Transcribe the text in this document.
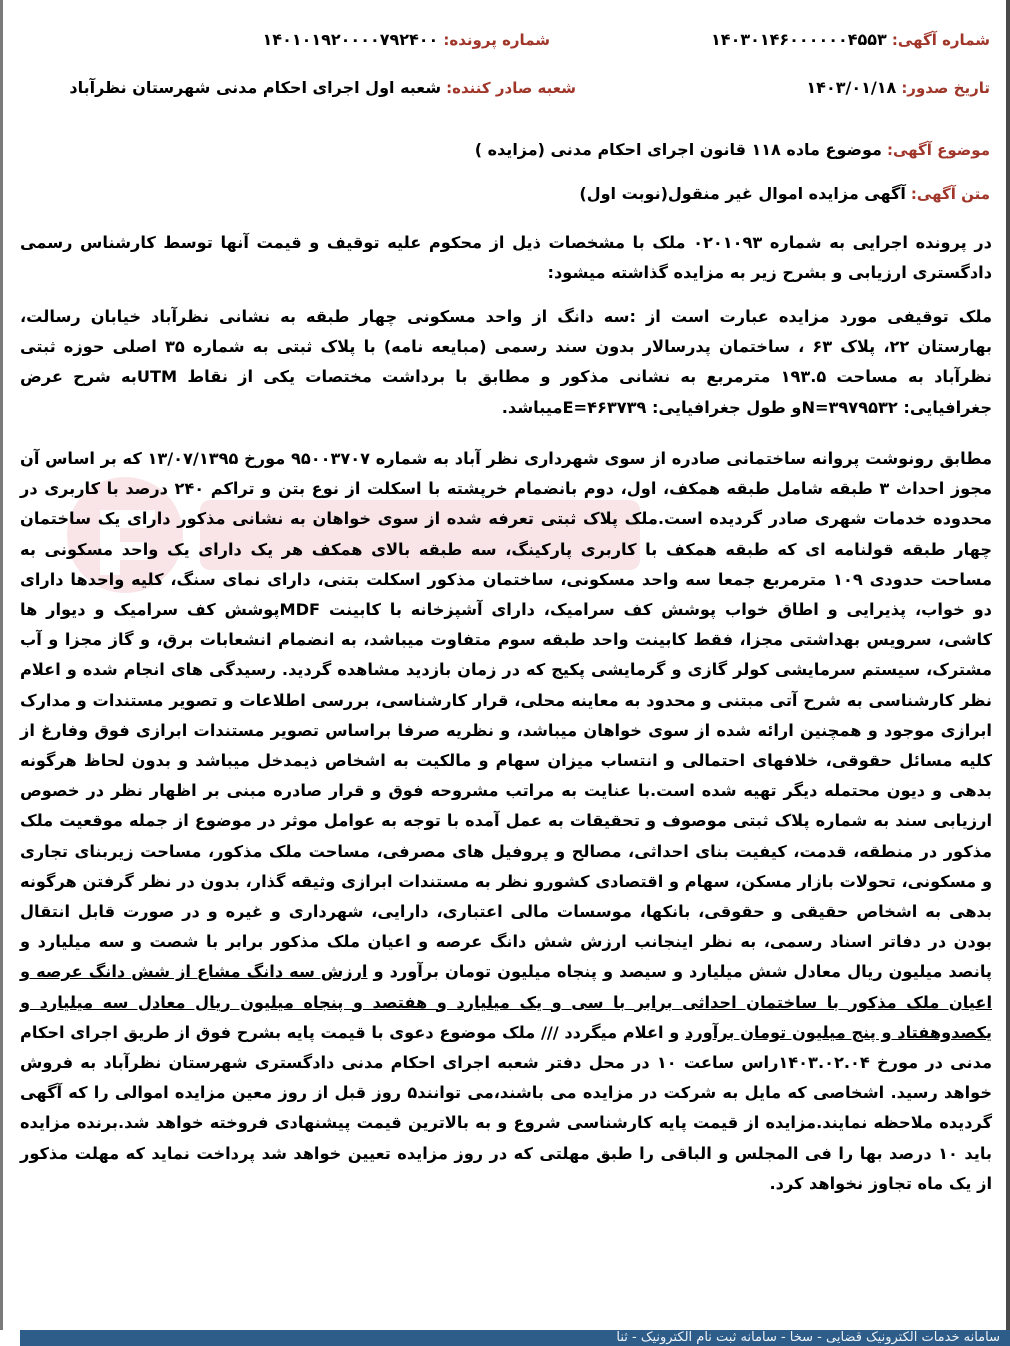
شماره آگهی: ۱۴۰۳۰۱۴۶۰۰۰۰۰۰۴۵۵۳
شماره پرونده: ۱۴۰۱۰۱۹۲۰۰۰۰۷۹۲۴۰۰
تاریخ صدور: ۱۴۰۳/۰۱/۱۸
شعبه صادر کننده: شعبه اول اجرای احکام مدنی شهرستان نظرآباد
موضوع آگهی: موضوع ماده ۱۱۸ قانون اجرای احکام مدنی (مزایده )
متن آگهی: آگهی مزایده اموال غیر منقول(نوبت اول)
در پرونده اجرایی به شماره ۰۲۰۱۰۹۳ ملک با مشخصات ذیل از محکوم علیه توقیف و قیمت آنها توسط کارشناس رسمی دادگستری ارزیابی و بشرح زیر به مزایده گذاشته میشود:
ملک توقیفی مورد مزایده عبارت است از :سه دانگ از واحد مسکونی چهار طبقه به نشانی نظرآباد خیابان رسالت، بهارستان ۲۲، پلاک ۶۳ ، ساختمان پدرسالار بدون سند رسمی (مبایعه نامه) با پلاک ثبتی به شماره ۳۵ اصلی حوزه ثبتی نظرآباد به مساحت ۱۹۳.۵ مترمربع به نشانی مذکور و مطابق با برداشت مختصات یکی از نقاط UTMبه شرح عرض جغرافیایی: N=۳۹۷۹۵۳۲و طول جغرافیایی: E=۴۶۳۷۳۹میباشد.
مطابق رونوشت پروانه ساختمانی صادره از سوی شهرداری نظر آباد به شماره ۹۵۰۰۳۷۰۷ مورخ ۱۳/۰۷/۱۳۹۵ که بر اساس آن مجوز احداث ۳ طبقه شامل طبقه همکف، اول، دوم بانضمام خرپشته با اسکلت از نوع بتن و تراکم ۲۴۰ درصد با کاربری در محدوده خدمات شهری صادر گردیده است.ملک پلاک ثبتی تعرفه شده از سوی خواهان به نشانی مذکور دارای یک ساختمان چهار طبقه قولنامه ای که طبقه همکف با کاربری پارکینگ، سه طبقه بالای همکف هر یک دارای یک واحد مسکونی به مساحت حدودی ۱۰۹ مترمربع جمعا سه واحد مسکونی، ساختمان مذکور اسکلت بتنی، دارای نمای سنگ، کلیه واحدها دارای دو خواب، پذیرایی و اطاق خواب پوشش کف سرامیک، دارای آشپزخانه با کابینت MDFپوشش کف سرامیک و دیوار ها کاشی، سرویس بهداشتی مجزا، فقط کابینت واحد طبقه سوم متفاوت میباشد، به انضمام انشعابات برق، و گاز مجزا و آب مشترک، سیستم سرمایشی کولر گازی و گرمایشی پکیج که در زمان بازدید مشاهده گردید. رسیدگی های انجام شده و اعلام نظر کارشناسی به شرح آتی مبتنی و محدود به معاینه محلی، قرار کارشناسی، بررسی اطلاعات و تصویر مستندات و مدارک ابرازی موجود و همچنین ارائه شده از سوی خواهان میباشد، و نظریه صرفا براساس تصویر مستندات ابرازی فوق وفارغ از کلیه مسائل حقوقی، خلافهای احتمالی و انتساب میزان سهام و مالکیت به اشخاص ذیمدخل میباشد و بدون لحاظ هرگونه بدهی و دیون محتمله دیگر تهیه شده است.با عنایت به مراتب مشروحه فوق و قرار صادره مبنی بر اظهار نظر در خصوص ارزیابی سند به شماره پلاک ثبتی موصوف و تحقیقات به عمل آمده با توجه به عوامل موثر در موضوع از جمله موقعیت ملک مذکور در منطقه، قدمت، کیفیت بنای احداثی، مصالح و پروفیل های مصرفی، مساحت ملک مذکور، مساحت زیربنای تجاری و مسکونی، تحولات بازار مسکن، سهام و اقتصادی کشورو نظر به مستندات ابرازی وثیقه گذار، بدون در نظر گرفتن هرگونه بدهی به اشخاص حقیقی و حقوقی، بانکها، موسسات مالی اعتباری، دارایی، شهرداری و غیره و در صورت قابل انتقال بودن در دفاتر اسناد رسمی، به نظر اینجانب ارزش شش دانگ عرصه و اعیان ملک مذکور برابر با شصت و سه میلیارد و پانصد میلیون ریال معادل شش میلیارد و سیصد و پنجاه میلیون تومان برآورد و ارزش سه دانگ مشاع از شش دانگ عرصه و اعیان ملک مذکور با ساختمان احداثی برابر با سی و یک میلیارد و هفتصد و پنجاه میلیون ریال معادل سه میلیارد و یکصدوهفتاد و پنج میلیون تومان برآورد و اعلام میگردد /// ملک موضوع دعوی با قیمت پایه بشرح فوق از طریق اجرای احکام مدنی در مورخ ۱۴۰۳.۰۲.۰۴راس ساعت ۱۰ در محل دفتر شعبه اجرای احکام مدنی دادگستری شهرستان نظرآباد به فروش خواهد رسید. اشخاصی که مایل به شرکت در مزایده می باشند،می توانند۵ روز قبل از روز معین مزایده اموالی را که آگهی گردیده ملاحظه نمایند.مزایده از قیمت پایه کارشناسی شروع و به بالاترین قیمت پیشنهادی فروخته خواهد شد.برنده مزایده باید ۱۰ درصد بها را فی المجلس و الباقی را طبق مهلتی که در روز مزایده تعیین خواهد شد پرداخت نماید که مهلت مذکور از یک ماه تجاوز نخواهد کرد.
سامانه خدمات الکترونیک قضایی - سخا - سامانه ثبت نام الکترونیک - ثنا
